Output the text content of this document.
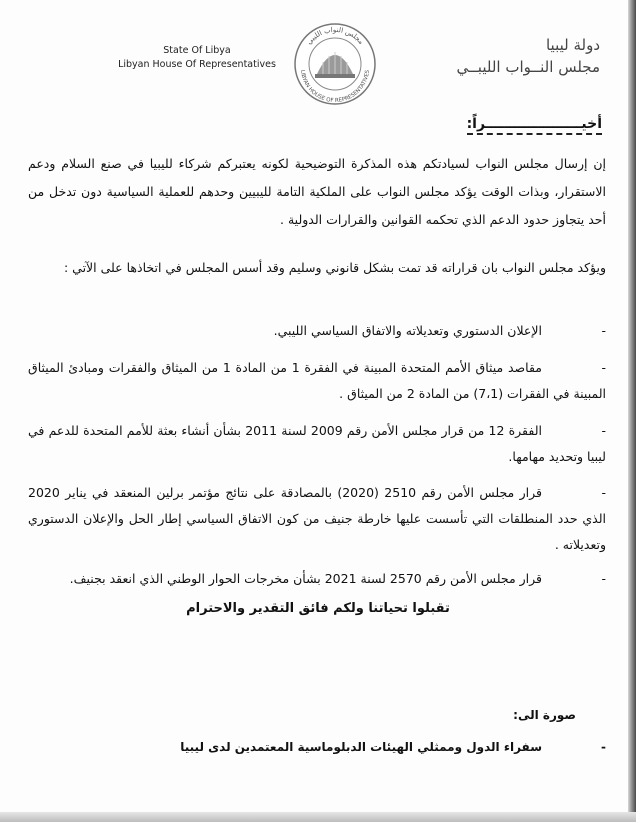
State Of Libya
Libyan House Of Representatives
مجلس النواب الليبي
LIBYAN HOUSE OF REPRESENTATIVES
دولة ليبيا
مجلس النــواب الليبــي
أخيــــــــــــــــــــراً:
إن إرسال مجلس النواب لسيادتكم هذه المذكرة التوضيحية لكونه يعتبركم شركاء لليبيا في صنع السلام ودعم الاستقرار، وبذات الوقت يؤكد مجلس النواب على الملكية التامة لليبيين وحدهم للعملية السياسية دون تدخل من أحد يتجاوز حدود الدعم الذي تحكمه القوانين والقرارات الدولية .
ويؤكد مجلس النواب بان قراراته قد تمت بشكل قانوني وسليم وقد أسس المجلس في اتخاذها على الآتي :
-الإعلان الدستوري وتعديلاته والاتفاق السياسي الليبي.
-مقاصد ميثاق الأمم المتحدة المبينة في الفقرة 1 من المادة 1 من الميثاق والفقرات ومبادئ الميثاق المبينة في الفقرات (7،1) من المادة 2 من الميثاق .
-الفقرة 12 من قرار مجلس الأمن رقم 2009 لسنة 2011 بشأن أنشاء بعثة للأمم المتحدة للدعم في ليبيا وتحديد مهامها.
-قرار مجلس الأمن رقم 2510 (2020) بالمصادقة على نتائج مؤتمر برلين المنعقد في يناير 2020 الذي حدد المنطلقات التي تأسست عليها خارطة جنيف من كون الاتفاق السياسي إطار الحل والإعلان الدستوري وتعديلاته .
-قرار مجلس الأمن رقم 2570 لسنة 2021 بشأن مخرجات الحوار الوطني الذي انعقد بجنيف.
تقبلوا تحياتنا ولكم فائق التقدير والاحترام
صورة الى:
-سفراء الدول وممثلي الهيئات الدبلوماسية المعتمدين لدى ليبيا
